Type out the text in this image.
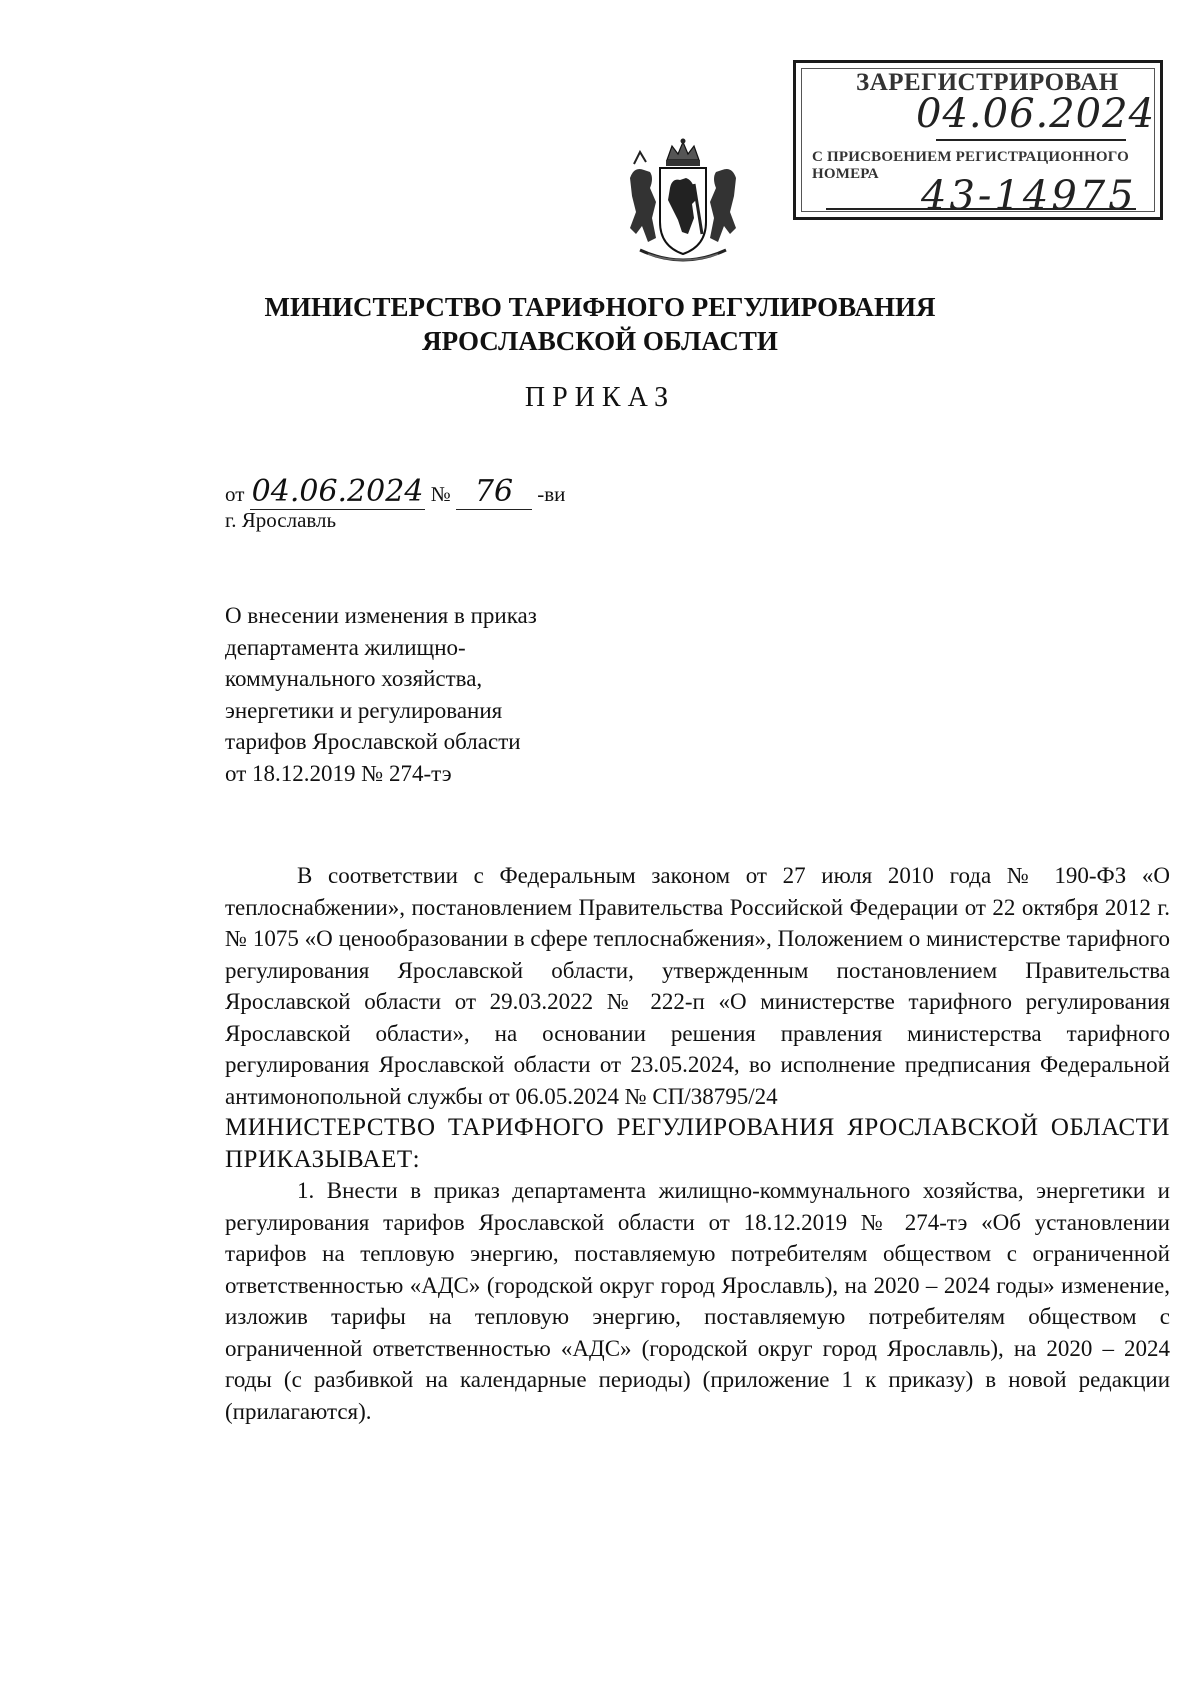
ЗАРЕГИСТРИРОВАН
04.06.2024
С ПРИСВОЕНИЕМ РЕГИСТРАЦИОННОГО НОМЕРА	43-14975
МИНИСТЕРСТВО ТАРИФНОГО РЕГУЛИРОВАНИЯ
ЯРОСЛАВСКОЙ ОБЛАСТИ
ПРИКАЗ
от 04.06.2024 № 76 -ви
г. Ярославль
О внесении изменения в приказ
департамента жилищно-
коммунального хозяйства,
энергетики и регулирования
тарифов Ярославской области
от 18.12.2019 № 274-тэ

В соответствии с Федеральным законом от 27 июля 2010 года № 190-ФЗ «О теплоснабжении», постановлением Правительства Российской Федерации от 22 октября 2012 г. № 1075 «О ценообразовании в сфере теплоснабжения», Положением о министерстве тарифного регулирования Ярославской области, утвержденным постановлением Правительства Ярославской области от 29.03.2022 № 222-п «О министерстве тарифного регулирования Ярославской области», на основании решения правления министерства тарифного регулирования Ярославской области от 23.05.2024, во исполнение предписания Федеральной антимонопольной службы от 06.05.2024 № СП/38795/24

МИНИСТЕРСТВО ТАРИФНОГО РЕГУЛИРОВАНИЯ ЯРОСЛАВСКОЙ ОБЛАСТИ ПРИКАЗЫВАЕТ:

1. Внести в приказ департамента жилищно-коммунального хозяйства, энергетики и регулирования тарифов Ярославской области от 18.12.2019 № 274-тэ «Об установлении тарифов на тепловую энергию, поставляемую потребителям обществом с ограниченной ответственностью «АДС» (городской округ город Ярославль), на 2020 – 2024 годы» изменение, изложив тарифы на тепловую энергию, поставляемую потребителям обществом с ограниченной ответственностью «АДС» (городской округ город Ярославль), на 2020 – 2024 годы (с разбивкой на календарные периоды) (приложение 1 к приказу) в новой редакции (прилагаются).
